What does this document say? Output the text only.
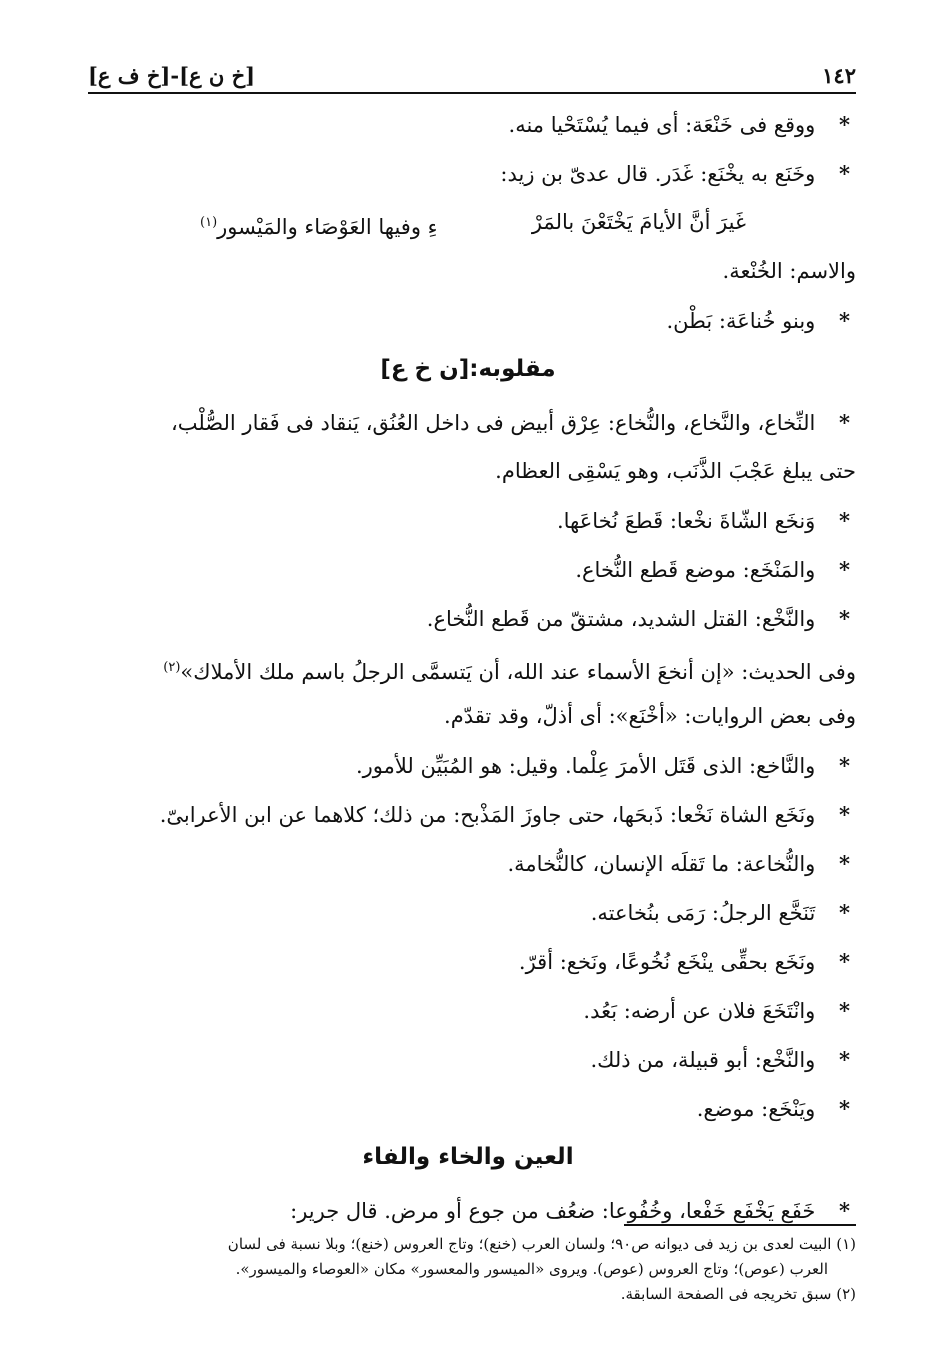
١٤٢
[خ ن ع]-[خ ف ع]
* ووقع فى خَنْعَة: أى فيما يُسْتَحْيا منه.
* وخَنَع به يخْنَع: غَدَر. قال عدىّ بن زيد:
غَيرَ أنَّ الأيامَ يَخْتَعْنَ بالمَرْ
ءِ وفيها العَوْصَاء والمَيْسور$^{(١)}$
والاسم: الخُنْعة.
* وبنو خُناعَة: بَطْن.
مقلوبه:[ن خ ع]
* النِّخاع، والنَّخاع، والنُّخاع: عِرْق أبيض فى داخل العُنُق، يَنقاد فى فَقار الصُّلْب،
حتى يبلغ عَجْبَ الذَّنَب، وهو يَسْقِى العظام.
* وَنخَع الشّاةَ نخْعا: قَطعَ نُخاعَها.
* والمَنْخَع: موضع قَطع النُّخاع.
* والنَّخْع: القتل الشديد، مشتقّ من قَطع النُّخاع.
وفى الحديث: «إن أنخعَ الأسماء عند الله، أن يَتسمَّى الرجلُ باسم ملك الأملاك»$^{(٢)}$
وفى بعض الروايات: «أخْنَع»: أى أذلّ، وقد تقدّم.
* والنَّاخع: الذى قَتَل الأمرَ عِلْما. وقيل: هو المُبَيِّن للأمور.
* ونَخَع الشاة نَخْعا: ذَبحَها، حتى جاوزَ المَذْبح: من ذلك؛ كلاهما عن ابن الأعرابىّ.
* والنُّخاعة: ما تَقلَه الإنسان، كالنُّخامة.
* تَنَخَّع الرجلُ: رَمَى بنُخاعته.
* ونَخَع بحقِّى ينْخَع نُخُوعًا، ونَخع: أقرّ.
* وانْتَخَعَ فلان عن أرضه: بَعُد.
* والنَّخْع: أبو قبيلة، من ذلك.
* ويَنْخَع: موضع.
العين والخاء والفاء
* خَفَع يَخْفَع خَفْعا، وخُفُوعا: ضعُف من جوع أو مرض. قال جرير:
(١) البيت لعدى بن زيد فى ديوانه ص٩٠؛ ولسان العرب (خنع)؛ وتاج العروس (خنع)؛ وبلا نسبة فى لسان
العرب (عوص)؛ وتاج العروس (عوص). ويروى «الميسور والمعسور» مكان «العوصاء والميسور».
(٢) سبق تخريجه فى الصفحة السابقة.
